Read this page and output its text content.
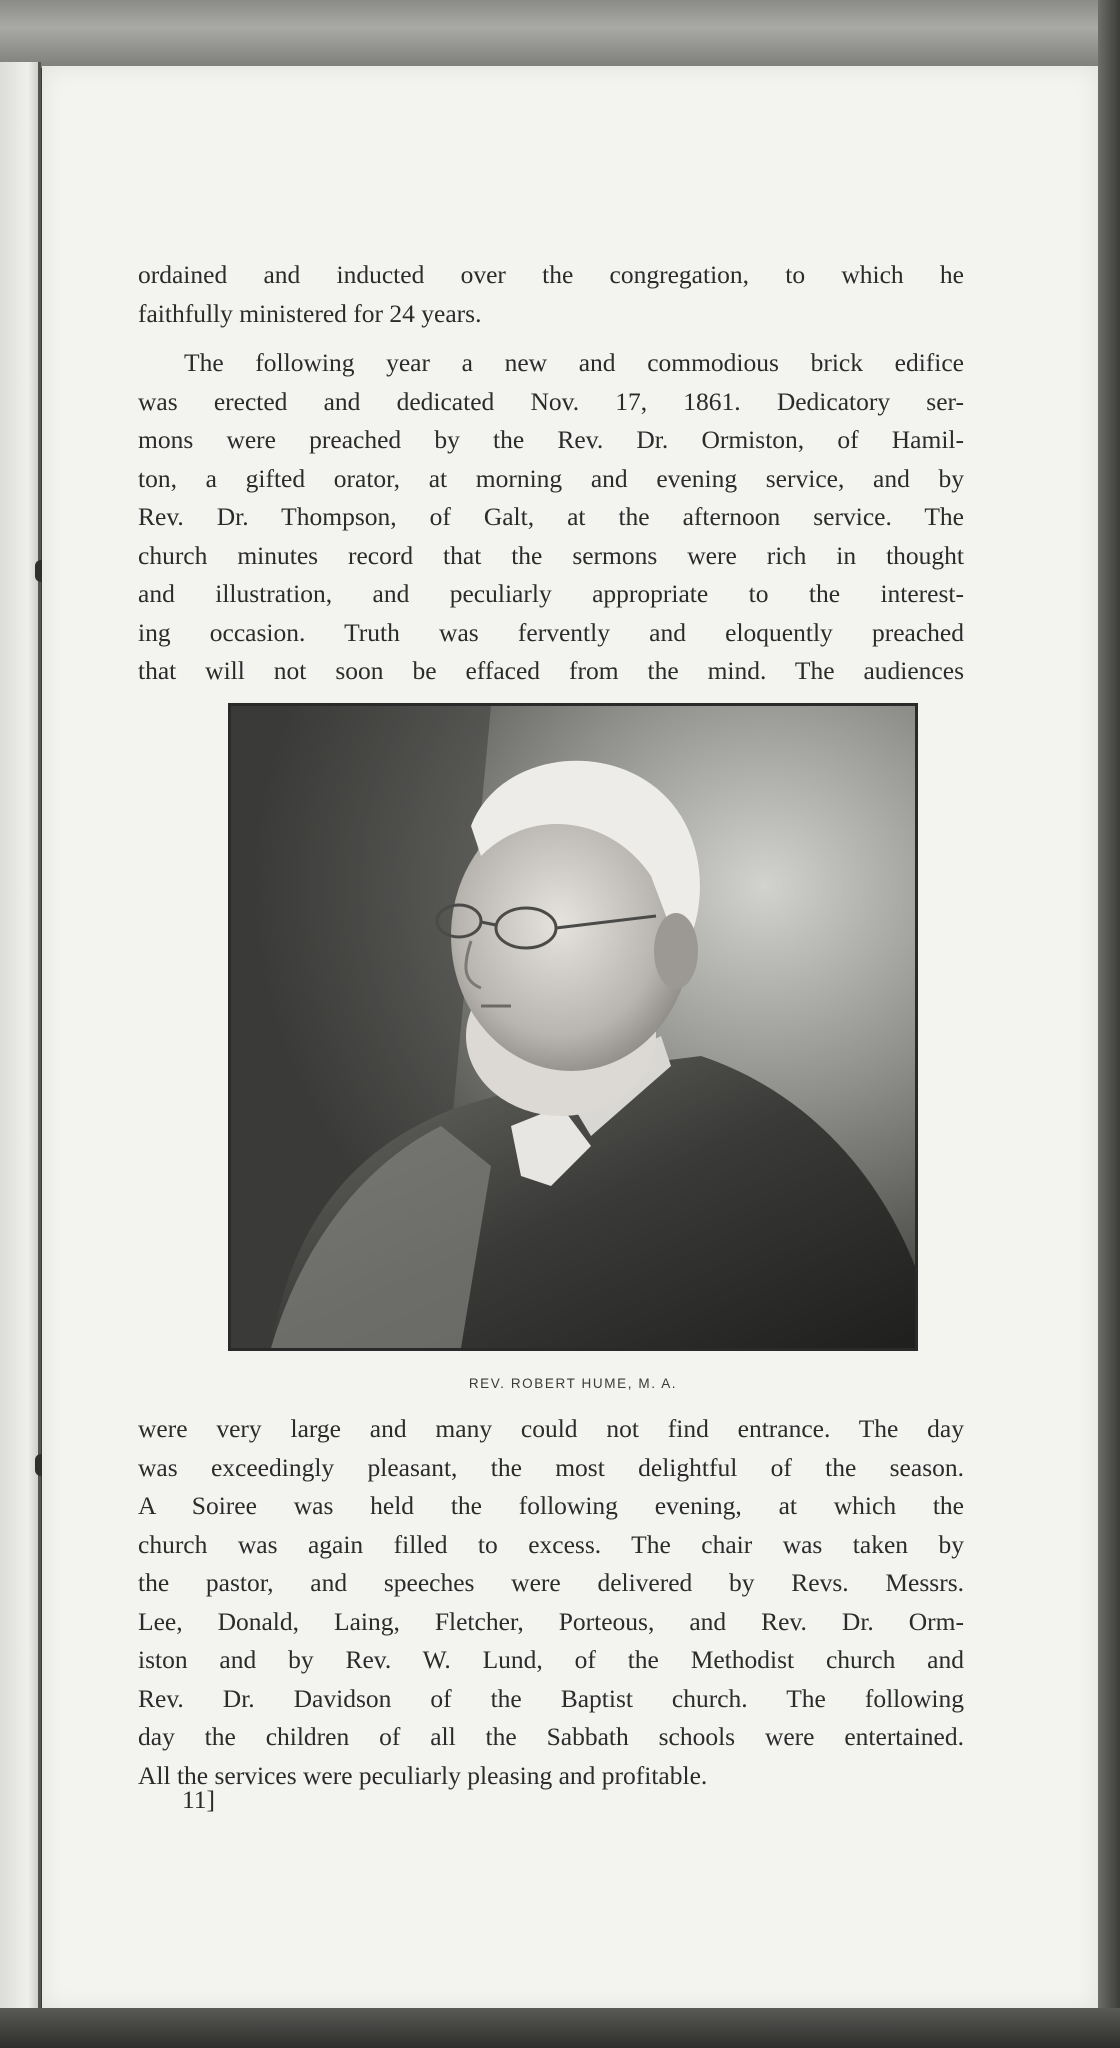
ordained and inducted over the congregation, to which he
faithfully ministered for 24 years.
The following year a new and commodious brick edifice
was erected and dedicated Nov. 17, 1861. Dedicatory ser-
mons were preached by the Rev. Dr. Ormiston, of Hamil-
ton, a gifted orator, at morning and evening service, and by
Rev. Dr. Thompson, of Galt, at the afternoon service. The
church minutes record that the sermons were rich in thought
and illustration, and peculiarly appropriate to the interest-
ing occasion. Truth was fervently and eloquently preached
that will not soon be effaced from the mind. The audiences
REV. ROBERT HUME, M. A.
were very large and many could not find entrance. The day
was exceedingly pleasant, the most delightful of the season.
A Soiree was held the following evening, at which the
church was again filled to excess. The chair was taken by
the pastor, and speeches were delivered by Revs. Messrs.
Lee, Donald, Laing, Fletcher, Porteous, and Rev. Dr. Orm-
iston and by Rev. W. Lund, of the Methodist church and
Rev. Dr. Davidson of the Baptist church. The following
day the children of all the Sabbath schools were entertained.
All the services were peculiarly pleasing and profitable.
11]
